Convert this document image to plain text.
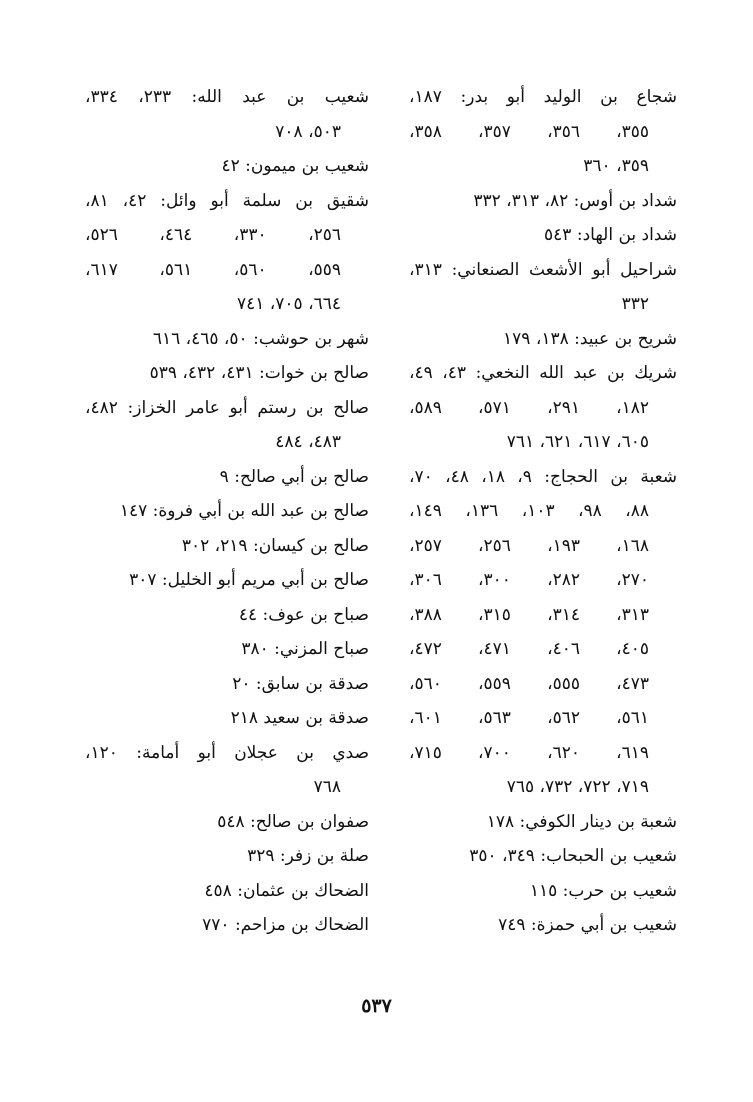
شجاع بن الوليد أبو بدر: ١٨٧،
٣٥٥، ٣٥٦، ٣٥٧، ٣٥٨،
٣٥٩، ٣٦٠
شداد بن أوس: ٨٢، ٣١٣، ٣٣٢
شداد بن الهاد: ٥٤٣
شراحيل أبو الأشعث الصنعاني: ٣١٣،
٣٣٢
شريح بن عبيد: ١٣٨، ١٧٩
شريك بن عبد الله النخعي: ٤٣، ٤٩،
١٨٢، ٢٩١، ٥٧١، ٥٨٩،
٦٠٥، ٦١٧، ٦٢١، ٧٦١
شعبة بن الحجاج: ٩، ١٨، ٤٨، ٧٠،
٨٨، ٩٨، ١٠٣، ١٣٦، ١٤٩،
١٦٨، ١٩٣، ٢٥٦، ٢٥٧،
٢٧٠، ٢٨٢، ٣٠٠، ٣٠٦،
٣١٣، ٣١٤، ٣١٥، ٣٨٨،
٤٠٥، ٤٠٦، ٤٧١، ٤٧٢،
٤٧٣، ٥٥٥، ٥٥٩، ٥٦٠،
٥٦١، ٥٦٢، ٥٦٣، ٦٠١،
٦١٩، ٦٢٠، ٧٠٠، ٧١٥،
٧١٩، ٧٢٢، ٧٣٢، ٧٦٥
شعبة بن دينار الكوفي: ١٧٨
شعيب بن الحبحاب: ٣٤٩، ٣٥٠
شعيب بن حرب: ١١٥
شعيب بن أبي حمزة: ٧٤٩
شعيب بن عبد الله: ٢٣٣، ٣٣٤،
٥٠٣، ٧٠٨
شعيب بن ميمون: ٤٢
شقيق بن سلمة أبو وائل: ٤٢، ٨١،
٢٥٦، ٣٣٠، ٤٦٤، ٥٢٦،
٥٥٩، ٥٦٠، ٥٦١، ٦١٧،
٦٦٤، ٧٠٥، ٧٤١
شهر بن حوشب: ٥٠، ٤٦٥، ٦١٦
صالح بن خوات: ٤٣١، ٤٣٢، ٥٣٩
صالح بن رستم أبو عامر الخزاز: ٤٨٢،
٤٨٣، ٤٨٤
صالح بن أبي صالح: ٩
صالح بن عبد الله بن أبي فروة: ١٤٧
صالح بن كيسان: ٢١٩، ٣٠٢
صالح بن أبي مريم أبو الخليل: ٣٠٧
صباح بن عوف: ٤٤
صباح المزني: ٣٨٠
صدقة بن سابق: ٢٠
صدقة بن سعيد ٢١٨
صدي بن عجلان أبو أمامة: ١٢٠،
٧٦٨
صفوان بن صالح: ٥٤٨
صلة بن زفر: ٣٢٩
الضحاك بن عثمان: ٤٥٨
الضحاك بن مزاحم: ٧٧٠
٥٣٧
